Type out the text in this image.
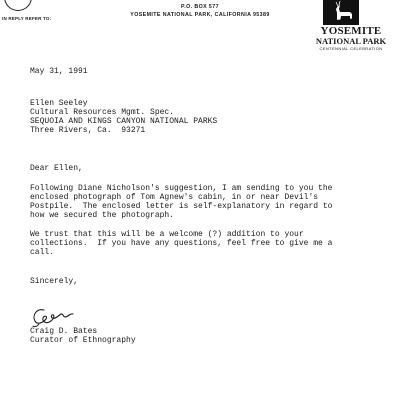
IN REPLY REFER TO:
P.O. BOX 577
YOSEMITE NATIONAL PARK, CALIFORNIA 95389
YOSEMITE
NATIONAL PARK
CENTENNIAL CELEBRATION
May 31, 1991
Ellen Seeley
Cultural Resources Mgmt. Spec.
SEQUOIA AND KINGS CANYON NATIONAL PARKS
Three Rivers, Ca.  93271
Dear Ellen,
Following Diane Nicholson's suggestion, I am sending to you the
enclosed photograph of Tom Agnew's cabin, in or near Devil's
Postpile.  The enclosed letter is self-explanatory in regard to
how we secured the photograph.
We trust that this will be a welcome (?) addition to your
collections.  If you have any questions, feel free to give me a
call.
Sincerely,
Craig D. Bates
Curator of Ethnography
